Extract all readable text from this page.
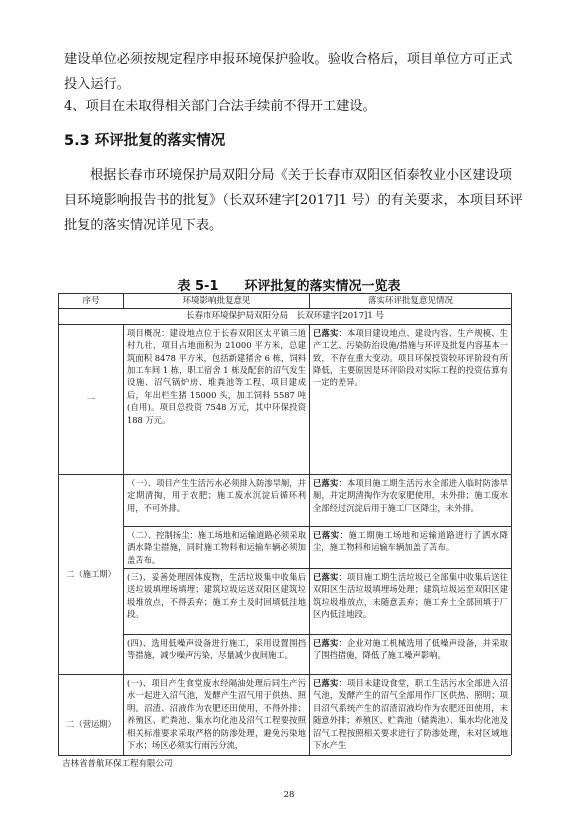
建设单位必须按规定程序申报环境保护验收。验收合格后，项目单位方可正式投入运行。
4、项目在未取得相关部门合法手续前不得开工建设。
5.3 环评批复的落实情况
根据长春市环境保护局双阳分局《关于长春市双阳区佰泰牧业小区建设项目环境影响报告书的批复》（长双环建字[2017]1 号）的有关要求，本项目环评批复的落实情况详见下表。
表 5-1　　环评批复的落实情况一览表
序号	环境影响批复意见	落实环评批复意见情况
长春市环境保护局双阳分局　长双环建字[2017]1 号		
一	项目概况：建设地点位于长春双阳区太平镇三道村九社，项目占地面积为 21000 平方米，总建筑面积 8478 平方米，包括新建猪舍 6 栋，饲料加工车间 1 栋，职工宿舍 1 栋及配套的沼气发生设施、沼气锅炉房、堆粪池等工程，项目建成后，年出栏生猪 15000 头，加工饲料 5587 吨(自用)。项目总投资 7548 万元，其中环保投资 188 万元。	已落实：本项目建设地点、建设内容、生产规模、生产工艺、污染防治设施/措施与环评及批复内容基本一致，不存在重大变动。项目环保投资较环评阶段有所降低，主要原因是环评阶段对实际工程的投资估算有一定的差异。
二（施工期）	（一）、项目产生生活污水必须排入防渗旱厕，并定期清掏，用于农肥；施工废水沉淀后循环利用，不可外排。	已落实：本项目施工期生活污水全部进入临时防渗旱厕，并定期清掏作为农家肥使用，未外排；施工废水全部经过沉淀后用于施工厂区降尘，未外排。
	（二）、控制扬尘：施工场地和运输道路必须采取洒水降尘措施，同时施工物料和运输车辆必须加盖苫布。	已落实：施工期施工场地和运输道路进行了洒水降尘，施工物料和运输车辆加盖了苫布。
	(三)、妥善处理固体废物，生活垃圾集中收集后送垃圾填埋场填埋；建筑垃圾运送双阳区建筑垃圾堆放点，不得丢弃；施工弃土及时回填低洼地段。	已落实：项目施工期生活垃圾已全部集中收集后送往双阳区生活垃圾填埋场处理；建筑垃圾运至双阳区建筑垃圾堆放点，未随意丢弃；施工弃土全部回填于厂区内低洼地段。
	(四)、选用低噪声设备进行施工，采用设置围挡等措施，减少噪声污染，尽量减少夜间施工。	已落实：企业对施工机械选用了低噪声设备，并采取了围挡措施，降低了施工噪声影响。
二（营运期）	(一)、项目产生食堂废水经隔油处理后同生产污水一起进入沼气池，发酵产生沼气用于供热、照明。沼渣、沼液作为农肥还田使用，不得外排；养殖区、贮粪池、集水均化池及沼气工程要按照相关标准要求采取严格的防渗处理，避免污染地下水；场区必须实行雨污分流，	已落实：项目未建设食堂，职工生活污水全部进入沼气池，发酵产生的沼气全部用作厂区供热、照明；项目沼气系统产生的沼渣沼液均作为农肥还田使用，未随意外排；养殖区、贮粪池（储粪池）、集水均化池及沼气工程按照相关要求进行了防渗处理，未对区域地下水产生
吉林省普航环保工程有限公司
28
